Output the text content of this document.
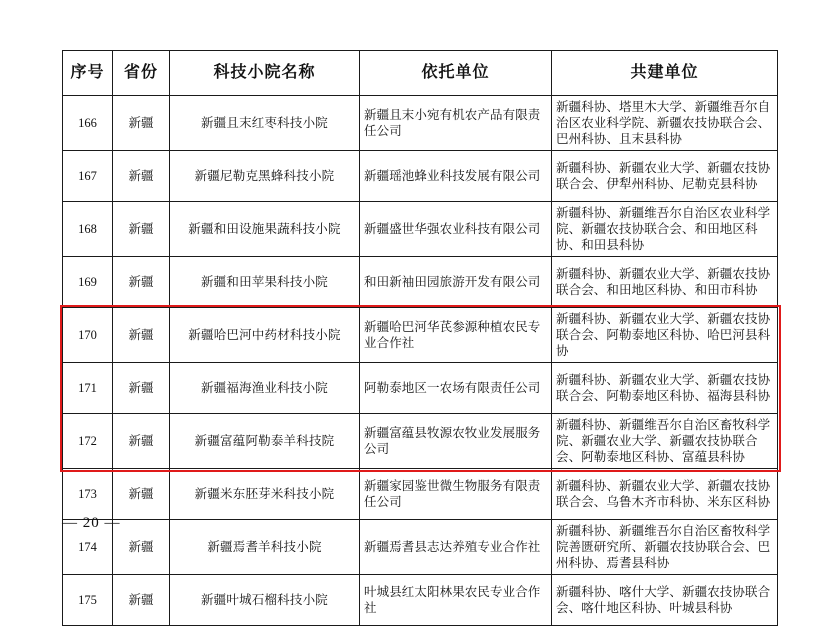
序号	省份	科技小院名称	依托单位	共建单位
166	新疆	新疆且末红枣科技小院	新疆且末小宛有机农产品有限责任公司	新疆科协、塔里木大学、新疆维吾尔自治区农业科学院、新疆农技协联合会、巴州科协、且末县科协
167	新疆	新疆尼勒克黑蜂科技小院	新疆瑶池蜂业科技发展有限公司	新疆科协、新疆农业大学、新疆农技协联合会、伊犁州科协、尼勒克县科协
168	新疆	新疆和田设施果蔬科技小院	新疆盛世华强农业科技有限公司	新疆科协、新疆维吾尔自治区农业科学院、新疆农技协联合会、和田地区科协、和田县科协
169	新疆	新疆和田苹果科技小院	和田新袖田园旅游开发有限公司	新疆科协、新疆农业大学、新疆农技协联合会、和田地区科协、和田市科协
170	新疆	新疆哈巴河中药材科技小院	新疆哈巴河华芪参源种植农民专业合作社	新疆科协、新疆农业大学、新疆农技协联合会、阿勒泰地区科协、哈巴河县科协
171	新疆	新疆福海渔业科技小院	阿勒泰地区一农场有限责任公司	新疆科协、新疆农业大学、新疆农技协联合会、阿勒泰地区科协、福海县科协
172	新疆	新疆富蕴阿勒泰羊科技院	新疆富蕴县牧源农牧业发展服务公司	新疆科协、新疆维吾尔自治区畜牧科学院、新疆农业大学、新疆农技协联合会、阿勒泰地区科协、富蕴县科协
173	新疆	新疆米东胚芽米科技小院	新疆家园鉴世微生物服务有限责任公司	新疆科协、新疆农业大学、新疆农技协联合会、乌鲁木齐市科协、米东区科协
174	新疆	新疆焉耆羊科技小院	新疆焉耆县志达养殖专业合作社	新疆科协、新疆维吾尔自治区畜牧科学院善匮研究所、新疆农技协联合会、巴州科协、焉耆县科协
175	新疆	新疆叶城石榴科技小院	叶城县红太阳林果农民专业合作社	新疆科协、喀什大学、新疆农技协联合会、喀什地区科协、叶城县科协
— 20 —
